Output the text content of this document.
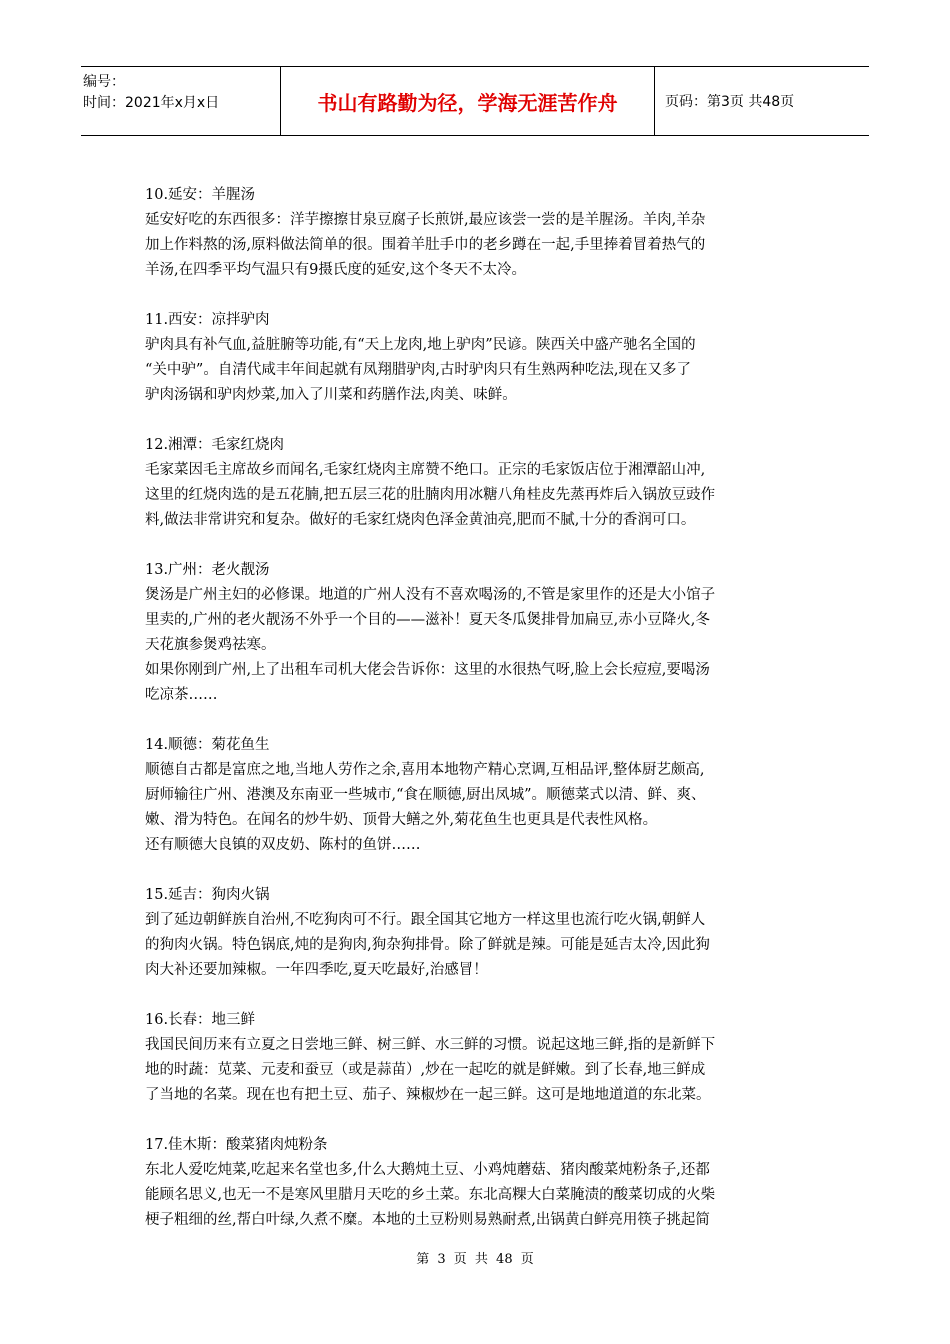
编号：
时间：2021年x月x日	书山有路勤为径，学海无涯苦作舟	页码：第3页 共48页
10.延安：羊腥汤
延安好吃的东西很多：洋芋擦擦甘泉豆腐子长煎饼,最应该尝一尝的是羊腥汤。羊肉,羊杂
加上作料熬的汤,原料做法简单的很。围着羊肚手巾的老乡蹲在一起,手里捧着冒着热气的
羊汤,在四季平均气温只有9摄氏度的延安,这个冬天不太冷。
11.西安：凉拌驴肉
驴肉具有补气血,益脏腑等功能,有“天上龙肉,地上驴肉”民谚。陕西关中盛产驰名全国的
“关中驴”。自清代咸丰年间起就有凤翔腊驴肉,古时驴肉只有生熟两种吃法,现在又多了
驴肉汤锅和驴肉炒菜,加入了川菜和药膳作法,肉美、味鲜。
12.湘潭：毛家红烧肉
毛家菜因毛主席故乡而闻名,毛家红烧肉主席赞不绝口。正宗的毛家饭店位于湘潭韶山冲,
这里的红烧肉选的是五花腩,把五层三花的肚腩肉用冰糖八角桂皮先蒸再炸后入锅放豆豉作
料,做法非常讲究和复杂。做好的毛家红烧肉色泽金黄油亮,肥而不腻,十分的香润可口。
13.广州：老火靓汤
煲汤是广州主妇的必修课。地道的广州人没有不喜欢喝汤的,不管是家里作的还是大小馆子
里卖的,广州的老火靓汤不外乎一个目的——滋补！夏天冬瓜煲排骨加扁豆,赤小豆降火,冬
天花旗参煲鸡祛寒。
如果你刚到广州,上了出租车司机大佬会告诉你：这里的水很热气呀,脸上会长痘痘,要喝汤
吃凉茶……
14.顺德：菊花鱼生
顺德自古都是富庶之地,当地人劳作之余,喜用本地物产精心烹调,互相品评,整体厨艺颇高,
厨师输往广州、港澳及东南亚一些城市,“食在顺德,厨出凤城”。顺德菜式以清、鲜、爽、
嫩、滑为特色。在闻名的炒牛奶、顶骨大鳝之外,菊花鱼生也更具是代表性风格。
还有顺德大良镇的双皮奶、陈村的鱼饼……
15.延吉：狗肉火锅
到了延边朝鲜族自治州,不吃狗肉可不行。跟全国其它地方一样这里也流行吃火锅,朝鲜人
的狗肉火锅。特色锅底,炖的是狗肉,狗杂狗排骨。除了鲜就是辣。可能是延吉太冷,因此狗
肉大补还要加辣椒。一年四季吃,夏天吃最好,治感冒！
16.长春：地三鲜
我国民间历来有立夏之日尝地三鲜、树三鲜、水三鲜的习惯。说起这地三鲜,指的是新鲜下
地的时蔬：苋菜、元麦和蚕豆（或是蒜苗）,炒在一起吃的就是鲜嫩。到了长春,地三鲜成
了当地的名菜。现在也有把土豆、茄子、辣椒炒在一起三鲜。这可是地地道道的东北菜。
17.佳木斯：酸菜猪肉炖粉条
东北人爱吃炖菜,吃起来名堂也多,什么大鹅炖土豆、小鸡炖蘑菇、猪肉酸菜炖粉条子,还都
能顾名思义,也无一不是寒风里腊月天吃的乡土菜。东北高粿大白菜腌渍的酸菜切成的火柴
梗子粗细的丝,帮白叶绿,久煮不糜。本地的土豆粉则易熟耐煮,出锅黄白鲜亮用筷子挑起简
第 3 页 共 48 页
